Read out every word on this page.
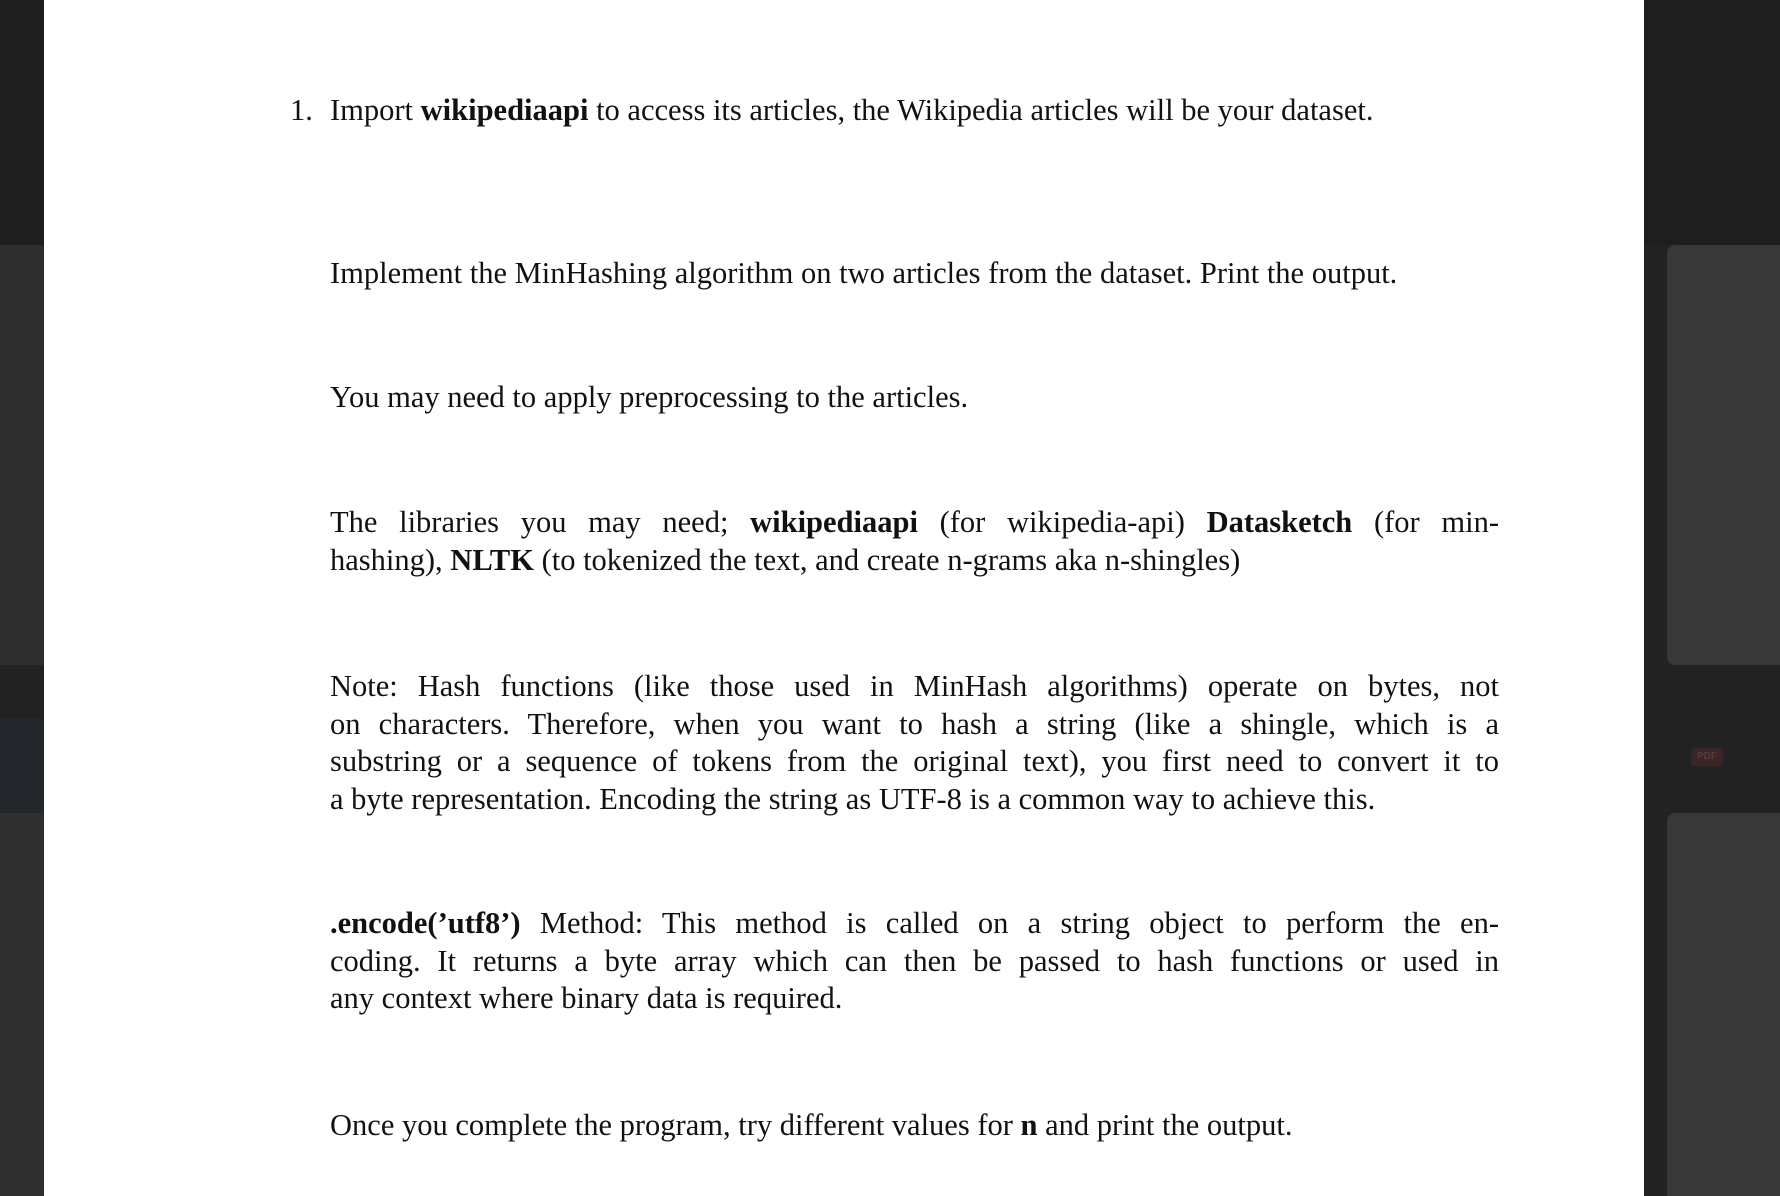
PDF
1. Import wikipediaapi to access its articles, the Wikipedia articles will be your dataset.
Implement the MinHashing algorithm on two articles from the dataset. Print the output.
You may need to apply preprocessing to the articles.
The libraries you may need; wikipediaapi (for wikipedia-api) Datasketch (for min-
hashing), NLTK (to tokenized the text, and create n-grams aka n-shingles)
Note: Hash functions (like those used in MinHash algorithms) operate on bytes, not
on characters. Therefore, when you want to hash a string (like a shingle, which is a
substring or a sequence of tokens from the original text), you first need to convert it to
a byte representation. Encoding the string as UTF-8 is a common way to achieve this.
.encode(’utf8’) Method: This method is called on a string object to perform the en-
coding. It returns a byte array which can then be passed to hash functions or used in
any context where binary data is required.
Once you complete the program, try different values for n and print the output.
